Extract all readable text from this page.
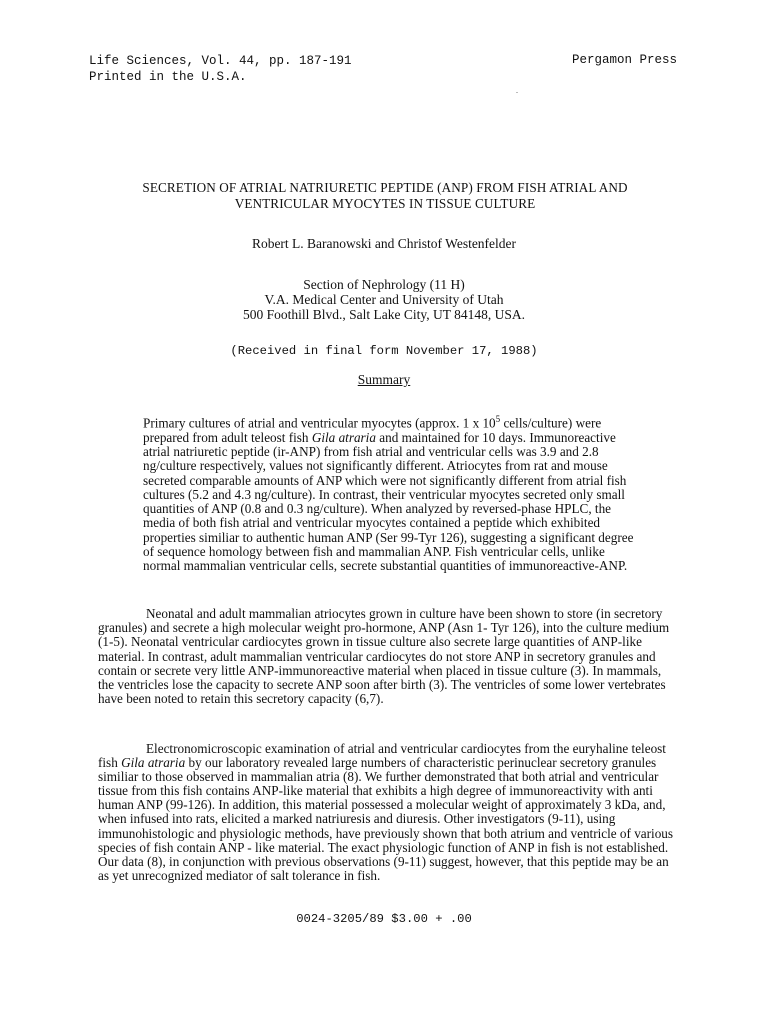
Life Sciences, Vol. 44, pp. 187-191
Printed in the U.S.A.
Pergamon Press
SECRETION OF ATRIAL NATRIURETIC PEPTIDE (ANP) FROM FISH ATRIAL AND
VENTRICULAR MYOCYTES IN TISSUE CULTURE
Robert L. Baranowski and Christof Westenfelder
Section of Nephrology (11 H)
V.A. Medical Center and University of Utah
500 Foothill Blvd., Salt Lake City, UT 84148, USA.
(Received in final form November 17, 1988)
Summary

Primary cultures of atrial and ventricular myocytes (approx. 1 x $10^5$ cells/culture) were prepared from adult teleost fish Gila atraria and maintained for 10 days. Immunoreactive atrial natriuretic peptide (ir-ANP) from fish atrial and ventricular cells was 3.9 and 2.8 ng/culture respectively, values not significantly different. Atriocytes from rat and mouse secreted comparable amounts of ANP which were not significantly different from atrial fish cultures (5.2 and 4.3 ng/culture). In contrast, their ventricular myocytes secreted only small quantities of ANP (0.8 and 0.3 ng/culture). When analyzed by reversed-phase HPLC, the media of both fish atrial and ventricular myocytes contained a peptide which exhibited properties similiar to authentic human ANP (Ser 99-Tyr 126), suggesting a significant degree of sequence homology between fish and mammalian ANP. Fish ventricular cells, unlike normal mammalian ventricular cells, secrete substantial quantities of immunoreactive-ANP.

Neonatal and adult mammalian atriocytes grown in culture have been shown to store (in secretory granules) and secrete a high molecular weight pro-hormone, ANP (Asn 1- Tyr 126), into the culture medium (1-5). Neonatal ventricular cardiocytes grown in tissue culture also secrete large quantities of ANP-like material. In contrast, adult mammalian ventricular cardiocytes do not store ANP in secretory granules and contain or secrete very little ANP-immunoreactive material when placed in tissue culture (3). In mammals, the ventricles lose the capacity to secrete ANP soon after birth (3). The ventricles of some lower vertebrates have been noted to retain this secretory capacity (6,7).

Electronomicroscopic examination of atrial and ventricular cardiocytes from the euryhaline teleost fish Gila atraria by our laboratory revealed large numbers of characteristic perinuclear secretory granules similiar to those observed in mammalian atria (8). We further demonstrated that both atrial and ventricular tissue from this fish contains ANP-like material that exhibits a high degree of immunoreactivity with anti human ANP (99-126). In addition, this material possessed a molecular weight of approximately 3 kDa, and, when infused into rats, elicited a marked natriuresis and diuresis. Other investigators (9-11), using immunohistologic and physiologic methods, have previously shown that both atrium and ventricle of various species of fish contain ANP - like material. The exact physiologic function of ANP in fish is not established. Our data (8), in conjunction with previous observations (9-11) suggest, however, that this peptide may be an as yet unrecognized mediator of salt tolerance in fish.

0024-3205/89 $3.00 + .00
